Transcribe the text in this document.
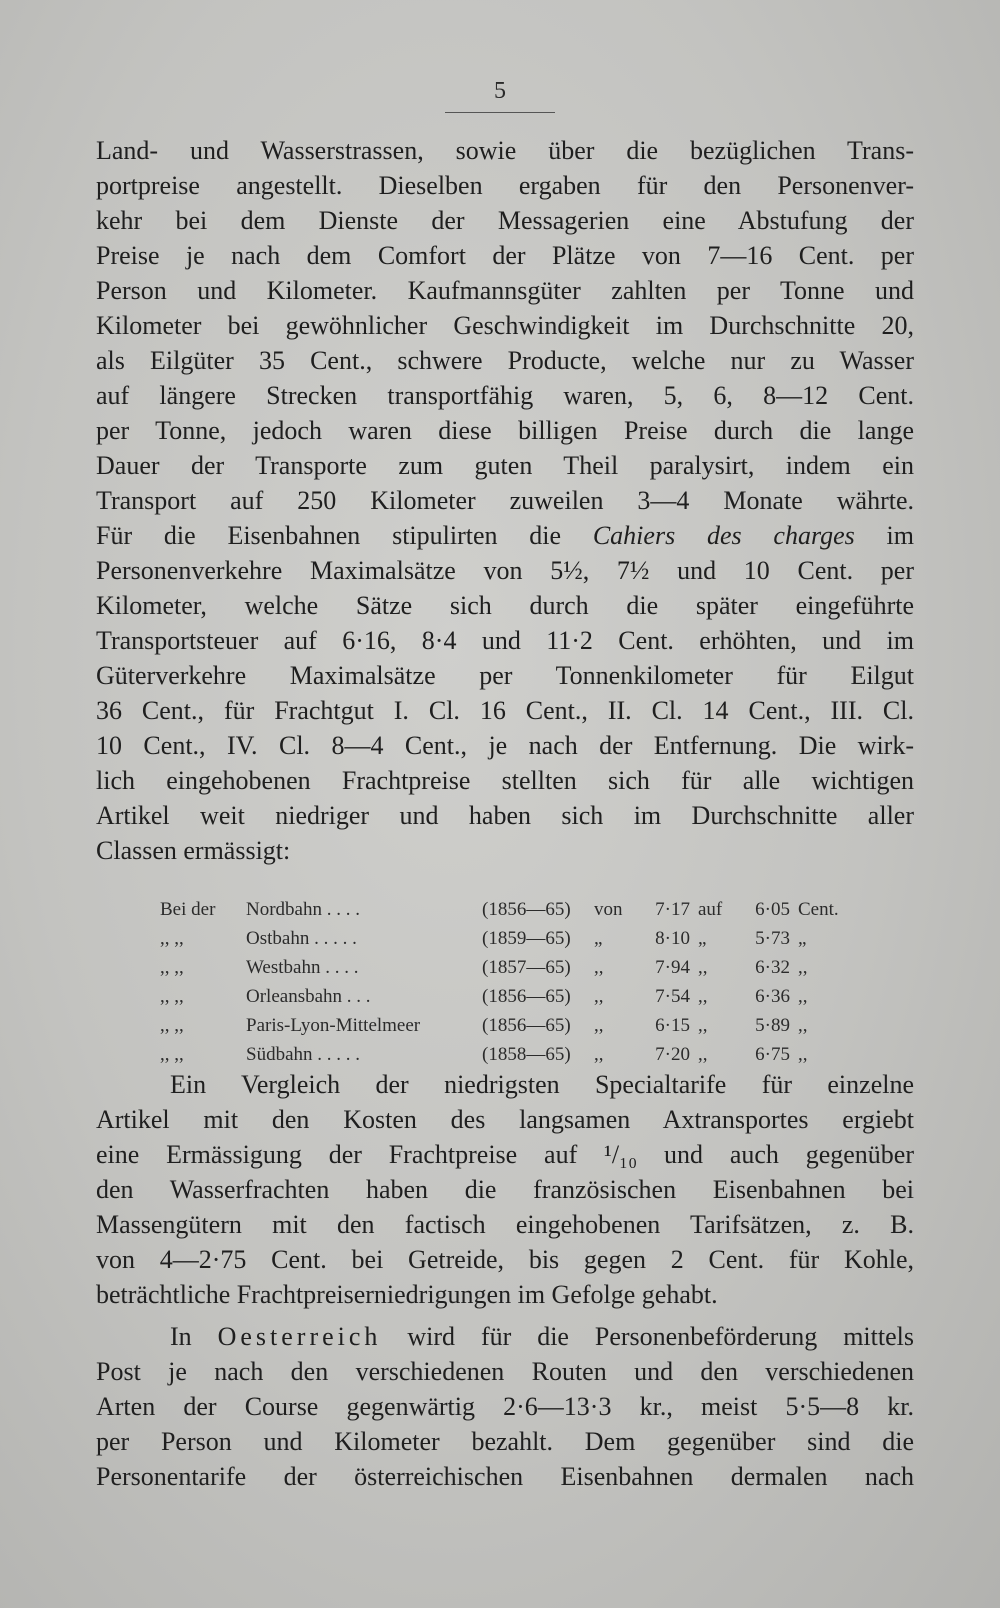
5
Land- und Wasserstrassen, sowie über die bezüglichen Trans-
portpreise angestellt. Dieselben ergaben für den Personenver-
kehr bei dem Dienste der Messagerien eine Abstufung der
Preise je nach dem Comfort der Plätze von 7—16 Cent. per
Person und Kilometer. Kaufmannsgüter zahlten per Tonne und
Kilometer bei gewöhnlicher Geschwindigkeit im Durchschnitte 20,
als Eilgüter 35 Cent., schwere Producte, welche nur zu Wasser
auf längere Strecken transportfähig waren, 5, 6, 8—12 Cent.
per Tonne, jedoch waren diese billigen Preise durch die lange
Dauer der Transporte zum guten Theil paralysirt, indem ein
Transport auf 250 Kilometer zuweilen 3—4 Monate währte.
Für die Eisenbahnen stipulirten die Cahiers des charges im
Personenverkehre Maximalsätze von 5½, 7½ und 10 Cent. per
Kilometer, welche Sätze sich durch die später eingeführte
Transportsteuer auf 6·16, 8·4 und 11·2 Cent. erhöhten, und im
Güterverkehre Maximalsätze per Tonnenkilometer für Eilgut
36 Cent., für Frachtgut I. Cl. 16 Cent., II. Cl. 14 Cent., III. Cl.
10 Cent., IV. Cl. 8—4 Cent., je nach der Entfernung. Die wirk-
lich eingehobenen Frachtpreise stellten sich für alle wichtigen
Artikel weit niedriger und haben sich im Durchschnitte aller
Classen ermässigt:
Bei der	Nordbahn . . . .	(1856—65)	von	7·17	auf	6·05	Cent.
,, ,,	Ostbahn . . . . .	(1859—65)	„	8·10	„	5·73	„
,, ,,	Westbahn . . . .	(1857—65)	,,	7·94	,,	6·32	,,
,, ,,	Orleansbahn . . .	(1856—65)	,,	7·54	,,	6·36	,,
,, ,,	Paris-Lyon-Mittelmeer	(1856—65)	,,	6·15	,,	5·89	,,
,, ,,	Südbahn . . . . .	(1858—65)	,,	7·20	,,	6·75	,,
Ein Vergleich der niedrigsten Specialtarife für einzelne
Artikel mit den Kosten des langsamen Axtransportes ergiebt
eine Ermässigung der Frachtpreise auf ¹/₁₀ und auch gegenüber
den Wasserfrachten haben die französischen Eisenbahnen bei
Massengütern mit den factisch eingehobenen Tarifsätzen, z. B.
von 4—2·75 Cent. bei Getreide, bis gegen 2 Cent. für Kohle,
beträchtliche Frachtpreiserniedrigungen im Gefolge gehabt.
In Oesterreich wird für die Personenbeförderung mittels
Post je nach den verschiedenen Routen und den verschiedenen
Arten der Course gegenwärtig 2·6—13·3 kr., meist 5·5—8 kr.
per Person und Kilometer bezahlt. Dem gegenüber sind die
Personentarife der österreichischen Eisenbahnen dermalen nach
